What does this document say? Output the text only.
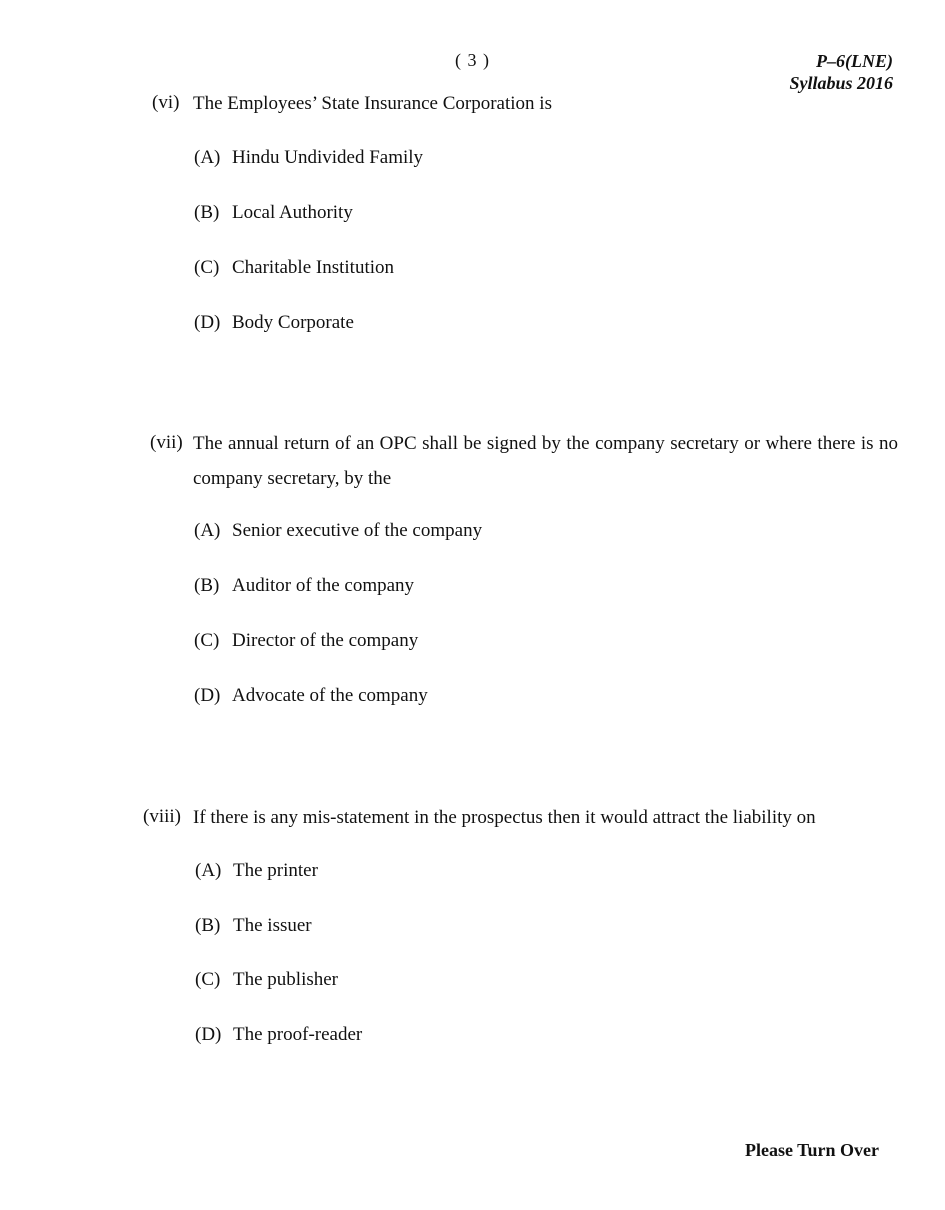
( 3 )	P–6(LNE)
Syllabus 2016
(vi) The Employees’ State Insurance Corporation is
(A) Hindu Undivided Family
(B) Local Authority
(C) Charitable Institution
(D) Body Corporate
(vii) The annual return of an OPC shall be signed by the company secretary or where there is no company secretary, by the
(A) Senior executive of the company
(B) Auditor of the company
(C) Director of the company
(D) Advocate of the company
(viii) If there is any mis-statement in the prospectus then it would attract the liability on
(A) The printer
(B) The issuer
(C) The publisher
(D) The proof-reader
Please Turn Over
